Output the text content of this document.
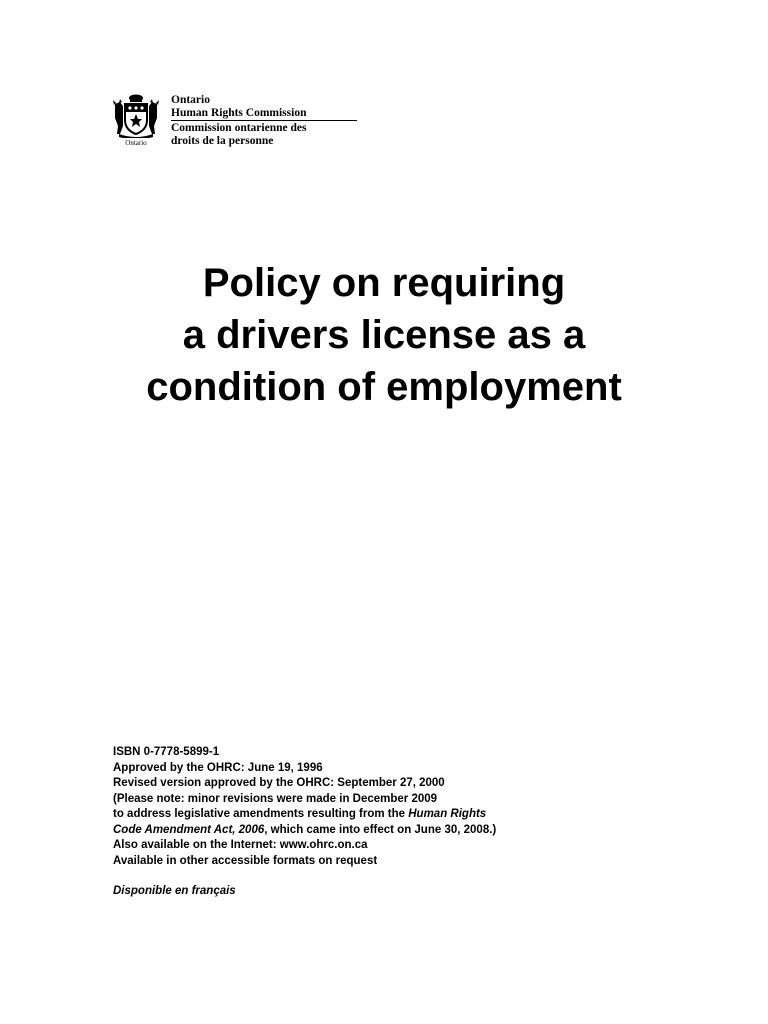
Ontario
Ontario
Human Rights Commission
Commission ontarienne des
droits de la personne
Policy on requiring
a drivers license as a
condition of employment
ISBN 0-7778-5899-1
Approved by the OHRC: June 19, 1996
Revised version approved by the OHRC: September 27, 2000
(Please note: minor revisions were made in December 2009
to address legislative amendments resulting from the Human Rights
Code Amendment Act, 2006, which came into effect on June 30, 2008.)
Also available on the Internet: www.ohrc.on.ca
Available in other accessible formats on request
Disponible en français
